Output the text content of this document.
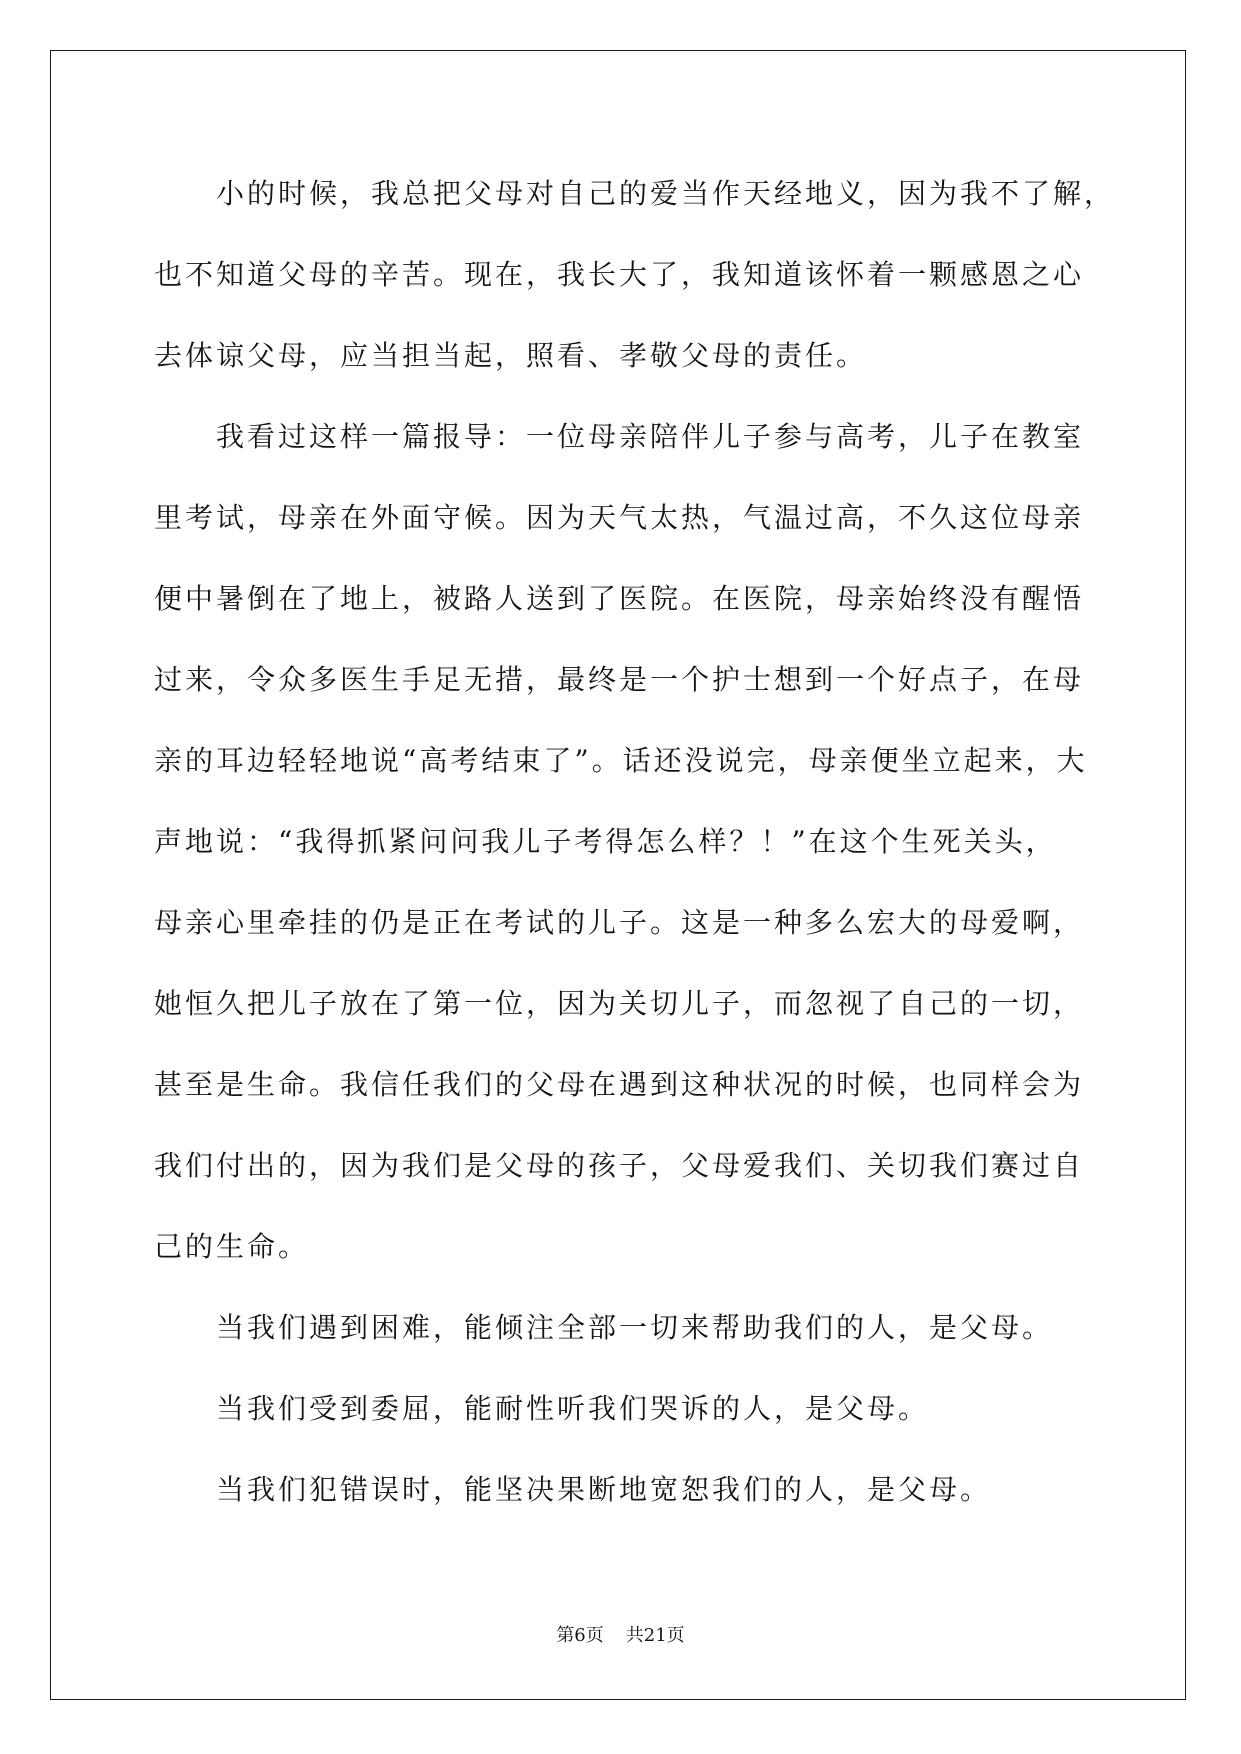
小的时候，我总把父母对自己的爱当作天经地义，因为我不了解，
也不知道父母的辛苦。现在，我长大了，我知道该怀着一颗感恩之心
去体谅父母，应当担当起，照看、孝敬父母的责任。
我看过这样一篇报导：一位母亲陪伴儿子参与高考，儿子在教室
里考试，母亲在外面守候。因为天气太热，气温过高，不久这位母亲
便中暑倒在了地上，被路人送到了医院。在医院，母亲始终没有醒悟
过来，令众多医生手足无措，最终是一个护士想到一个好点子，在母
亲的耳边轻轻地说“高考结束了”。话还没说完，母亲便坐立起来，大
声地说：“我得抓紧问问我儿子考得怎么样？！”在这个生死关头，
母亲心里牵挂的仍是正在考试的儿子。这是一种多么宏大的母爱啊，
她恒久把儿子放在了第一位，因为关切儿子，而忽视了自己的一切，
甚至是生命。我信任我们的父母在遇到这种状况的时候，也同样会为
我们付出的，因为我们是父母的孩子，父母爱我们、关切我们赛过自
己的生命。
当我们遇到困难，能倾注全部一切来帮助我们的人，是父母。
当我们受到委屈，能耐性听我们哭诉的人，是父母。
当我们犯错误时，能坚决果断地宽恕我们的人，是父母。
第6页 共21页
